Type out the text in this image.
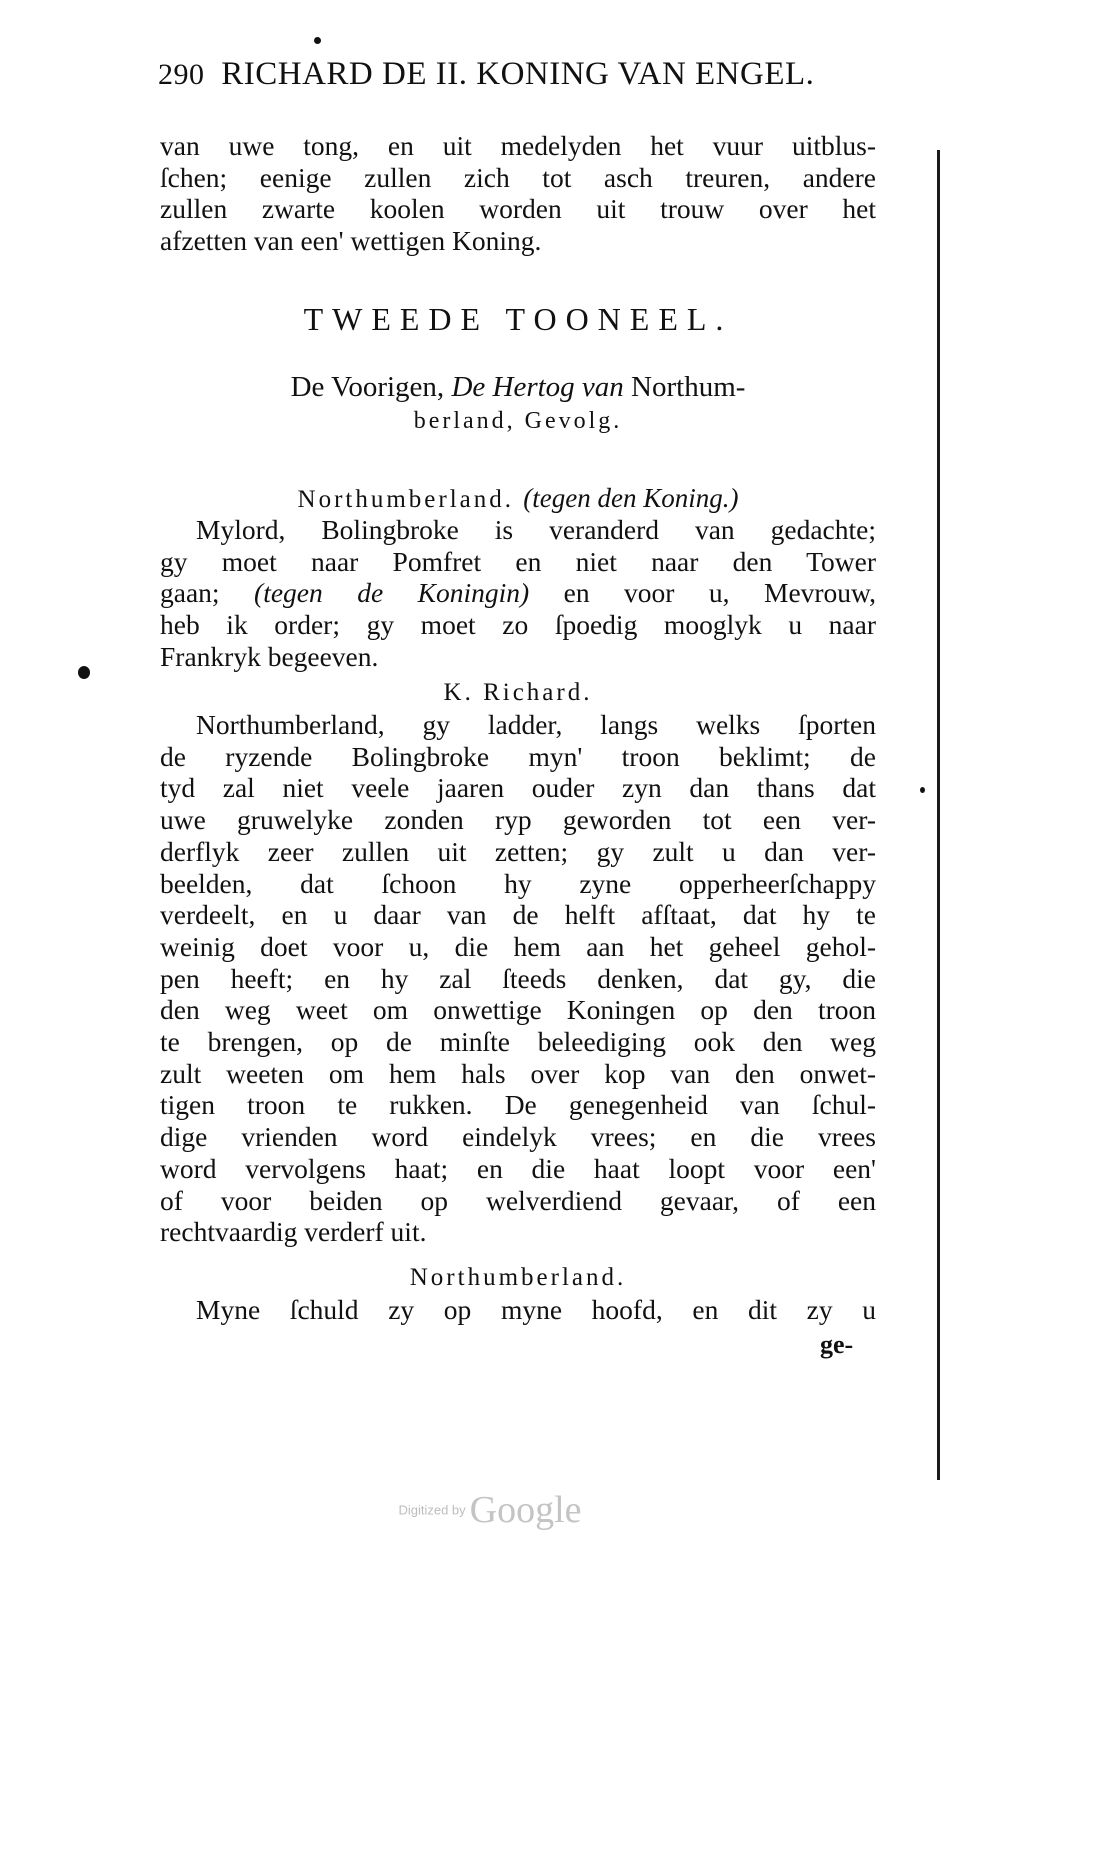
290 RICHARD DE II. KONING VAN ENGEL.
van uwe tong, en uit medelyden het vuur uitblus-
ſchen; eenige zullen zich tot asch treuren, andere
zullen zwarte koolen worden uit trouw over het
afzetten van een' wettigen Koning.
TWEEDE TOONEEL.
De Voorigen, De Hertog van Northum-
berland, Gevolg.
Northumberland. (tegen den Koning.)
Mylord, Bolingbroke is veranderd van gedachte;
gy moet naar Pomfret en niet naar den Tower
gaan; (tegen de Koningin) en voor u, Mevrouw,
heb ik order; gy moet zo ſpoedig mooglyk u naar
Frankryk begeeven.
K. Richard.
Northumberland, gy ladder, langs welks ſporten
de ryzende Bolingbroke myn' troon beklimt; de
tyd zal niet veele jaaren ouder zyn dan thans dat
uwe gruwelyke zonden ryp geworden tot een ver-
derflyk zeer zullen uit zetten; gy zult u dan ver-
beelden, dat ſchoon hy zyne opperheerſchappy
verdeelt, en u daar van de helft afſtaat, dat hy te
weinig doet voor u, die hem aan het geheel gehol-
pen heeft; en hy zal ſteeds denken, dat gy, die
den weg weet om onwettige Koningen op den troon
te brengen, op de minſte beleediging ook den weg
zult weeten om hem hals over kop van den onwet-
tigen troon te rukken. De genegenheid van ſchul-
dige vrienden word eindelyk vrees; en die vrees
word vervolgens haat; en die haat loopt voor een'
of voor beiden op welverdiend gevaar, of een
rechtvaardig verderf uit.
Northumberland.
Myne ſchuld zy op myne hoofd, en dit zy u
ge-
Digitized by Google
